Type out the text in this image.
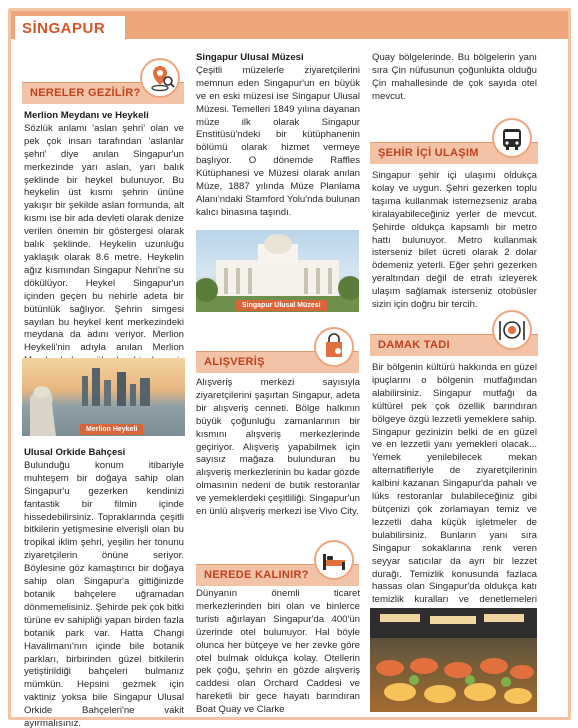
SİNGAPUR
NERELER GEZİLİR?

Merlion Meydanı ve Heykeli

Sözlük anlamı 'aslan şehri' olan ve pek çok insan tarafından 'aslanlar şehri' diye anılan Singapur'un merkezinde yarı aslan, yarı balık şeklinde bir heykel bulunuyor. Bu heykelin üst kısmı şehrin ününe yakışır bir şekilde aslan formunda, alt kısmı ise bir ada devleti olarak denize verilen önemin bir göstergesi olarak balık şeklinde. Heykelin uzunluğu yaklaşık olarak 8.6 metre. Heykelin ağız kısmından Singapur Nehri'ne su dökülüyor. Heykel Singapur'un içinden geçen bu nehirle adeta bir bütünlük sağlıyor. Şehrin simgesi sayılan bu heykel kent merkezindeki meydana da adını veriyor. Merlion Heykeli'nin adıyla anılan Merlion

Merlion Heykeli

Ulusal Orkide Bahçesi

Bulunduğu konum itibariyle muhteşem bir doğaya sahip olan Singapur'u gezerken kendinizi fantastik bir filmin içinde hissedebilirsiniz. Topraklarında çeşitli bitkilerin yetişmesine elverişli olan bu tropikal iklim şehri, yeşilin her tonunu ziyaretçilerin önüne seriyor. Böylesine göz kamaştırıcı bir doğaya sahip olan Singapur'a gittiğinizde botanik bahçelere uğramadan dönmemelisiniz. Şehirde pek çok bitki türüne ev sahipliği yapan birden fazla botanik park var. Hatta Changi Havalimanı'nın içinde bile botanik parkları, birbirinden güzel bitkilerin yetiştirildiği bahçeleri bulmanız mümkün. Hepsini gezmek için vaktiniz yoksa bile Singapur Ulusal Orkide Bahçeleri'ne vakit ayırmalısınız.

Singapur Ulusal Müzesi

Çeşitli müzelerle ziyaretçilerini memnun eden Singapur'un en büyük ve en eski müzesi ise Singapur Ulusal Müzesi. Temelleri 1849 yılına dayanan müze ilk olarak Singapur Enstitüsü'ndeki bir kütüphanenin bölümü olarak hizmet vermeye başlıyor. O dönemde Raffles Kütüphanesi ve Müzesi olarak anılan Müze, 1887 yılında Müze Planlama Alanı'ndaki Stamford Yolu'nda bulunan kalıcı binasına taşındı.

Singapur Ulusal Müzesi
ALIŞVERİŞ
Alışveriş merkezi sayısıyla ziyaretçilerini şaşırtan Singapur, adeta bir alışveriş cenneti. Bölge halkının büyük çoğunluğu zamanlarının bir kısmını alışveriş merkezlerinde geçiriyor. Alışveriş yapabilmek için sayısız mağaza bulunduran bu alışveriş merkezlerinin bu kadar gözde olmasının nedeni de butik restoranlar ve yemeklerdeki çeşitliliği. Singapur'un en ünlü alışveriş merkezi ise Vivo City.
NEREDE KALINIR?
Dünyanın önemli ticaret merkezlerinden biri olan ve binlerce turisti ağırlayan Singapur'da 400'ün üzerinde otel bulunuyor. Hal böyle olunca her bütçeye ve her zevke göre otel bulmak oldukça kolay. Otellerin pek çoğu, şehrin en gözde alışveriş caddesi olan Orchard Caddesi ve hareketli bir gece hayatı barındıran Boat Quay ve Clarke
Quay bölgelerinde. Bu bölgelerin yanı sıra Çin nüfusunun çoğunlukta olduğu Çin mahallesinde de çok sayıda otel mevcut.
ŞEHİR İÇİ ULAŞIM
Singapur şehir içi ulaşımı oldukça kolay ve uygun. Şehri gezerken toplu taşıma kullanmak istemezseniz araba kiralayabileceğiniz yerler de mevcut. Şehirde oldukça kapsamlı bir metro hattı bulunuyor. Metro kullanmak isterseniz bilet ücreti olarak 2 dolar ödemeniz yeterli. Eğer şehri gezerken yeraltından değil de etrafı izleyerek ulaşım sağlamak isterseniz otobüsler sizin için doğru bir tercih.
DAMAK TADI
Bir bölgenin kültürü hakkında en güzel ipuçlarını o bölgenin mutfağından alabilirsiniz. Singapur mutfağı da kültürel pek çok özellik barındıran bölgeye özgü lezzetli yemeklere sahip. Singapur gezinizin belki de en güzel ve en lezzetli yanı yemekleri olacak... Yemek yenilebilecek mekan alternatifleriyle de ziyaretçilerinin kalbini kazanan Singapur'da pahalı ve lüks restoranlar bulabileceğiniz gibi bütçenizi çok zorlamayan temiz ve lezzetli daha küçük işletmeler de bulabilirsiniz. Bunların yanı sıra Singapur sokaklarına renk veren seyyar satıcılar da ayrı bir lezzet durağı. Temizlik konusunda fazlaca hassas olan Singapur'da oldukça katı temizlik kuralları ve denetlemeleri
